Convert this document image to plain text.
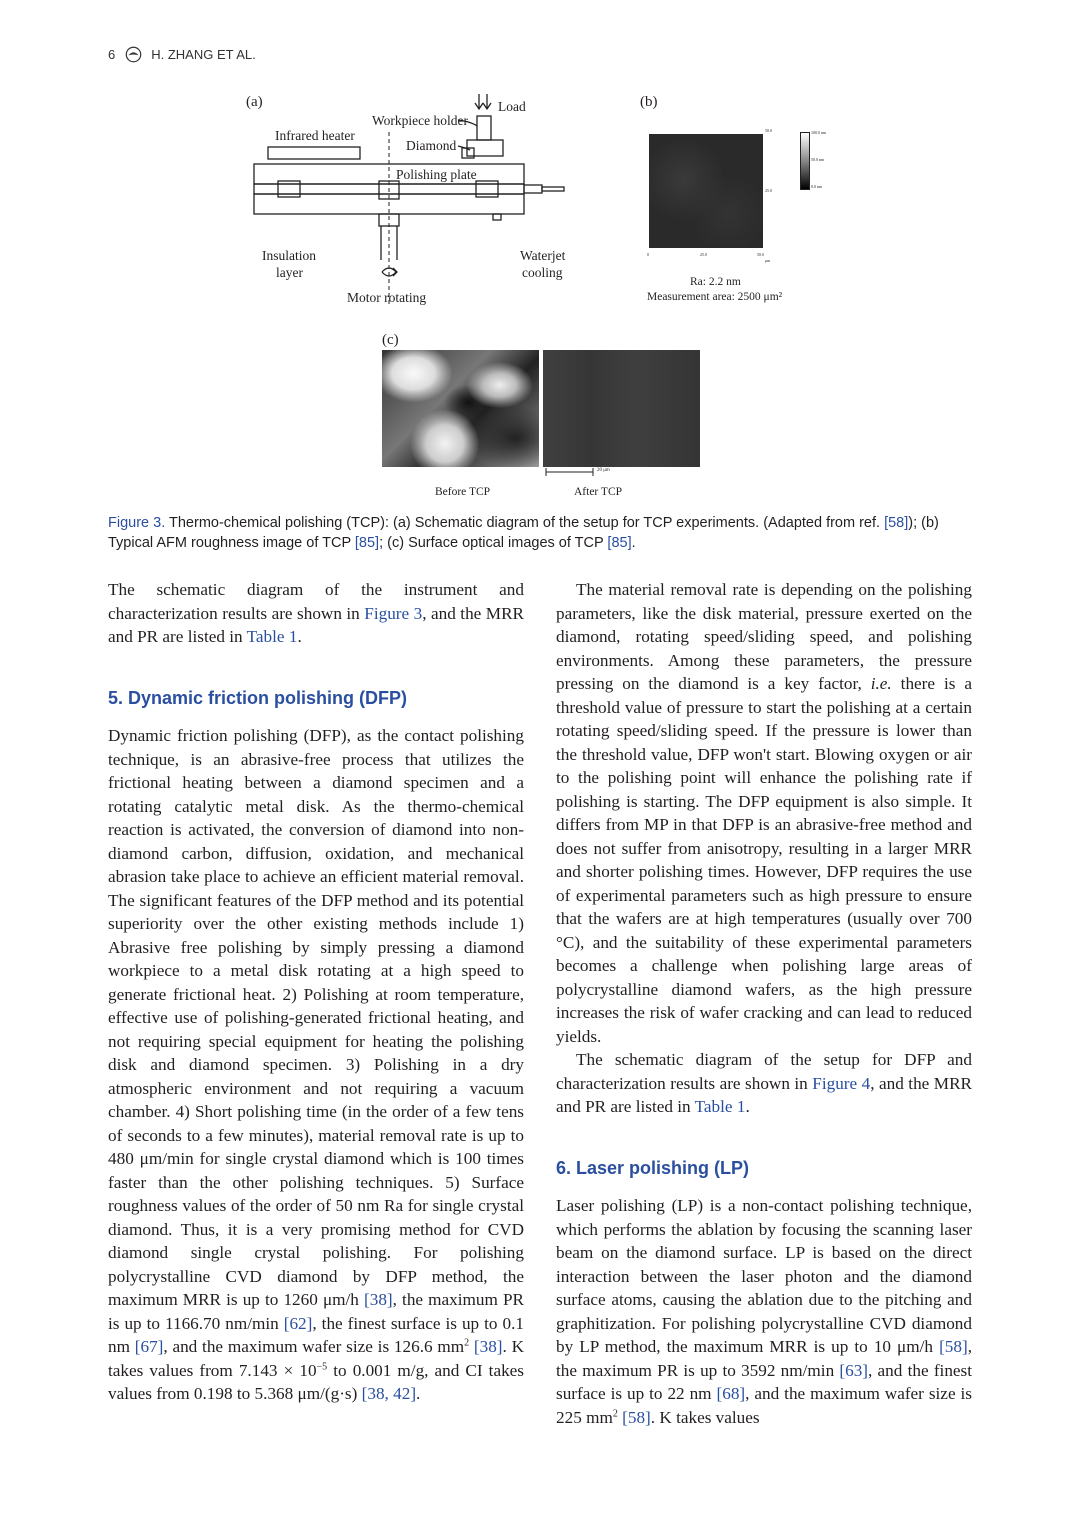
6	H. ZHANG ET AL.
(a)	Load
Workpiece holder
Infrared heater
Diamond
Polishing plate
Insulation
layer
Waterjet
cooling
Motor rotating
(b)
50.0
25.0
0	25.0	50.0
μm
100.0 nm
50.0 nm
0.0 nm
Ra: 2.2 nm
Measurement area: 2500 μm²
(c)
20 μm
Before TCP	After TCP
Figure 3. Thermo-chemical polishing (TCP): (a) Schematic diagram of the setup for TCP experiments. (Adapted from ref. [58]); (b) Typical AFM roughness image of TCP [85]; (c) Surface optical images of TCP [85].

The schematic diagram of the instrument and characterization results are shown in Figure 3, and the MRR and PR are listed in Table 1.

5. Dynamic friction polishing (DFP)

Dynamic friction polishing (DFP), as the contact polishing technique, is an abrasive-free process that utilizes the frictional heating between a diamond specimen and a rotating catalytic metal disk. As the thermo-chemical reaction is activated, the conversion of diamond into non-diamond carbon, diffusion, oxidation, and mechanical abrasion take place to achieve an efficient material removal. The significant features of the DFP method and its potential superiority over the other existing methods include 1) Abrasive free polishing by simply pressing a diamond workpiece to a metal disk rotating at a high speed to generate frictional heat. 2) Polishing at room temperature, effective use of polishing-generated frictional heating, and not requiring special equipment for heating the polishing disk and diamond specimen. 3) Polishing in a dry atmospheric environment and not requiring a vacuum chamber. 4) Short polishing time (in the order of a few tens of seconds to a few minutes), material removal rate is up to 480 μm/min for single crystal diamond which is 100 times faster than the other polishing techniques. 5) Surface roughness values of the order of 50 nm Ra for single crystal diamond. Thus, it is a very promising method for CVD diamond single crystal polishing. For polishing polycrystalline CVD diamond by DFP method, the maximum MRR is up to 1260 μm/h [38], the maximum PR is up to 1166.70 nm/min [62], the finest surface is up to 0.1 nm [67], and the maximum wafer size is 126.6 $mm^2$ [38]. K takes values from $7.143 \times 10^{-5}$ to 0.001 m/g, and CI takes values from 0.198 to 5.368 μm/(g·s) [38, 42].

The material removal rate is depending on the polishing parameters, like the disk material, pressure exerted on the diamond, rotating speed/sliding speed, and polishing environments. Among these parameters, the pressure pressing on the diamond is a key factor, i.e. there is a threshold value of pressure to start the polishing at a certain rotating speed/sliding speed. If the pressure is lower than the threshold value, DFP won't start. Blowing oxygen or air to the polishing point will enhance the polishing rate if polishing is starting. The DFP equipment is also simple. It differs from MP in that DFP is an abrasive-free method and does not suffer from anisotropy, resulting in a larger MRR and shorter polishing times. However, DFP requires the use of experimental parameters such as high pressure to ensure that the wafers are at high temperatures (usually over 700 °C), and the suitability of these experimental parameters becomes a challenge when polishing large areas of polycrystalline diamond wafers, as the high pressure increases the risk of wafer cracking and can lead to reduced yields.

The schematic diagram of the setup for DFP and characterization results are shown in Figure 4, and the MRR and PR are listed in Table 1.

6. Laser polishing (LP)

Laser polishing (LP) is a non-contact polishing technique, which performs the ablation by focusing the scanning laser beam on the diamond surface. LP is based on the direct interaction between the laser photon and the diamond surface atoms, causing the ablation due to the pitching and graphitization. For polishing polycrystalline CVD diamond by LP method, the maximum MRR is up to 10 μm/h [58], the maximum PR is up to 3592 nm/min [63], and the finest surface is up to 22 nm [68], and the maximum wafer size is 225 $mm^2$ [58]. K takes values
